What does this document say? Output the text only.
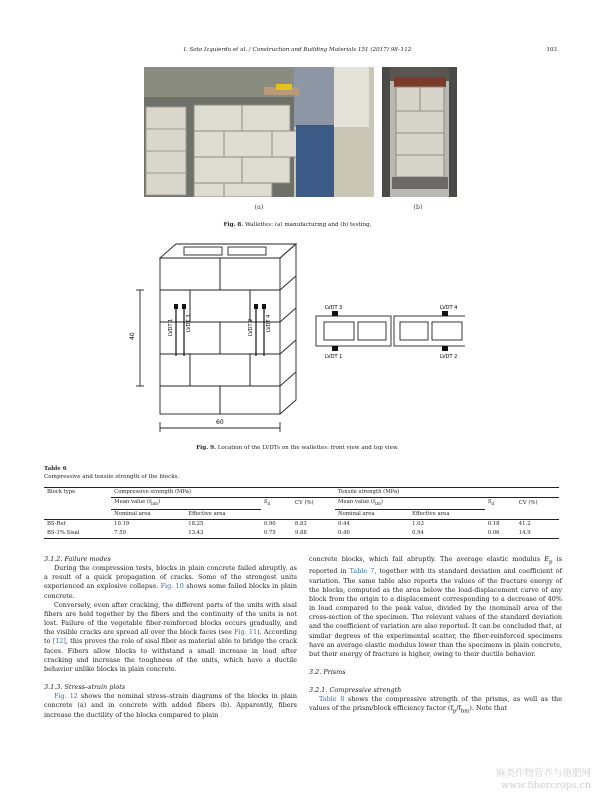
I. Soto Izquierdo et al. / Construction and Building Materials 151 (2017) 98–112	103
(a)	(b)
Fig. 8. Wallettes: (a) manufacturing and (b) testing.
LVDT 1 LVDT 3	LVDT 2 LVDT 4
40
60
LVDT 3	LVDT 4
LVDT 1	LVDT 2
Fig. 9. Location of the LVDTs on the wallettes: front view and top view.
Table 6
Compressive and tensile strength of the blocks.
Block type	Compressive strength (MPa)				Tensile strength (MPa)			
	Mean value $(f_{bm})$		$S_d$	CV (%)	Mean value $(f_{tm})$		$S_d$	CV (%)
	Nominal area	Effective area			Nominal area	Effective area		
BS-Ref	10.19	18.25	0.90	8.83	0.44	1.03	0.18	41.2
BS-1% Sisal	7.59	13.43	0.75	9.88	0.40	0.94	0.06	14.9

3.1.2. Failure modes

During the compression tests, blocks in plain concrete failed abruptly, as a result of a quick propagation of cracks. Some of the strongest units experienced an explosive collapse. Fig. 10 shows some failed blocks in plain concrete.

Conversely, even after cracking, the different parts of the units with sisal fibers are held together by the fibers and the continuity of the units is not lost. Failure of the vegetable fiber-reinforced blocks occurs gradually, and the visible cracks are spread all over the block faces (see Fig. 11). According to [12], this proves the role of sisal fiber as material able to bridge the crack faces. Fibers allow blocks to withstand a small increase in load after cracking and increase the toughness of the units, which have a ductile behavior unlike blocks in plain concrete.

3.1.3. Stress–strain plots

Fig. 12 shows the nominal stress–strain diagrams of the blocks in plain concrete (a) and in concrete with added fibers (b). Apparently, fibers increase the ductility of the blocks compared to plain

concrete blocks, which fail abruptly. The average elastic modulus $E_p$ is reported in Table 7, together with its standard deviation and coefficient of variation. The same table also reports the values of the fracture energy of the blocks, computed as the area below the load-displacement curve of any block from the origin to a displacement corresponding to a decrease of 40% in load compared to the peak value, divided by the (nominal) area of the cross-section of the specimen. The relevant values of the standard deviation and the coefficient of variation are also reported. It can be concluded that, at similar degrees of the experimental scatter, the fiber-reinforced specimens have an average elastic modulus lower than the specimens in plain concrete, but their energy of fracture is higher, owing to their ductile behavior.

3.2. Prisms

3.2.1. Compressive strength

Table 8 shows the compressive strength of the prisms, as well as the values of the prism/block efficiency factor $(f_p/f_{bm})$. Note that

麻类作物营养与施肥网
www.fibercrops.cn
